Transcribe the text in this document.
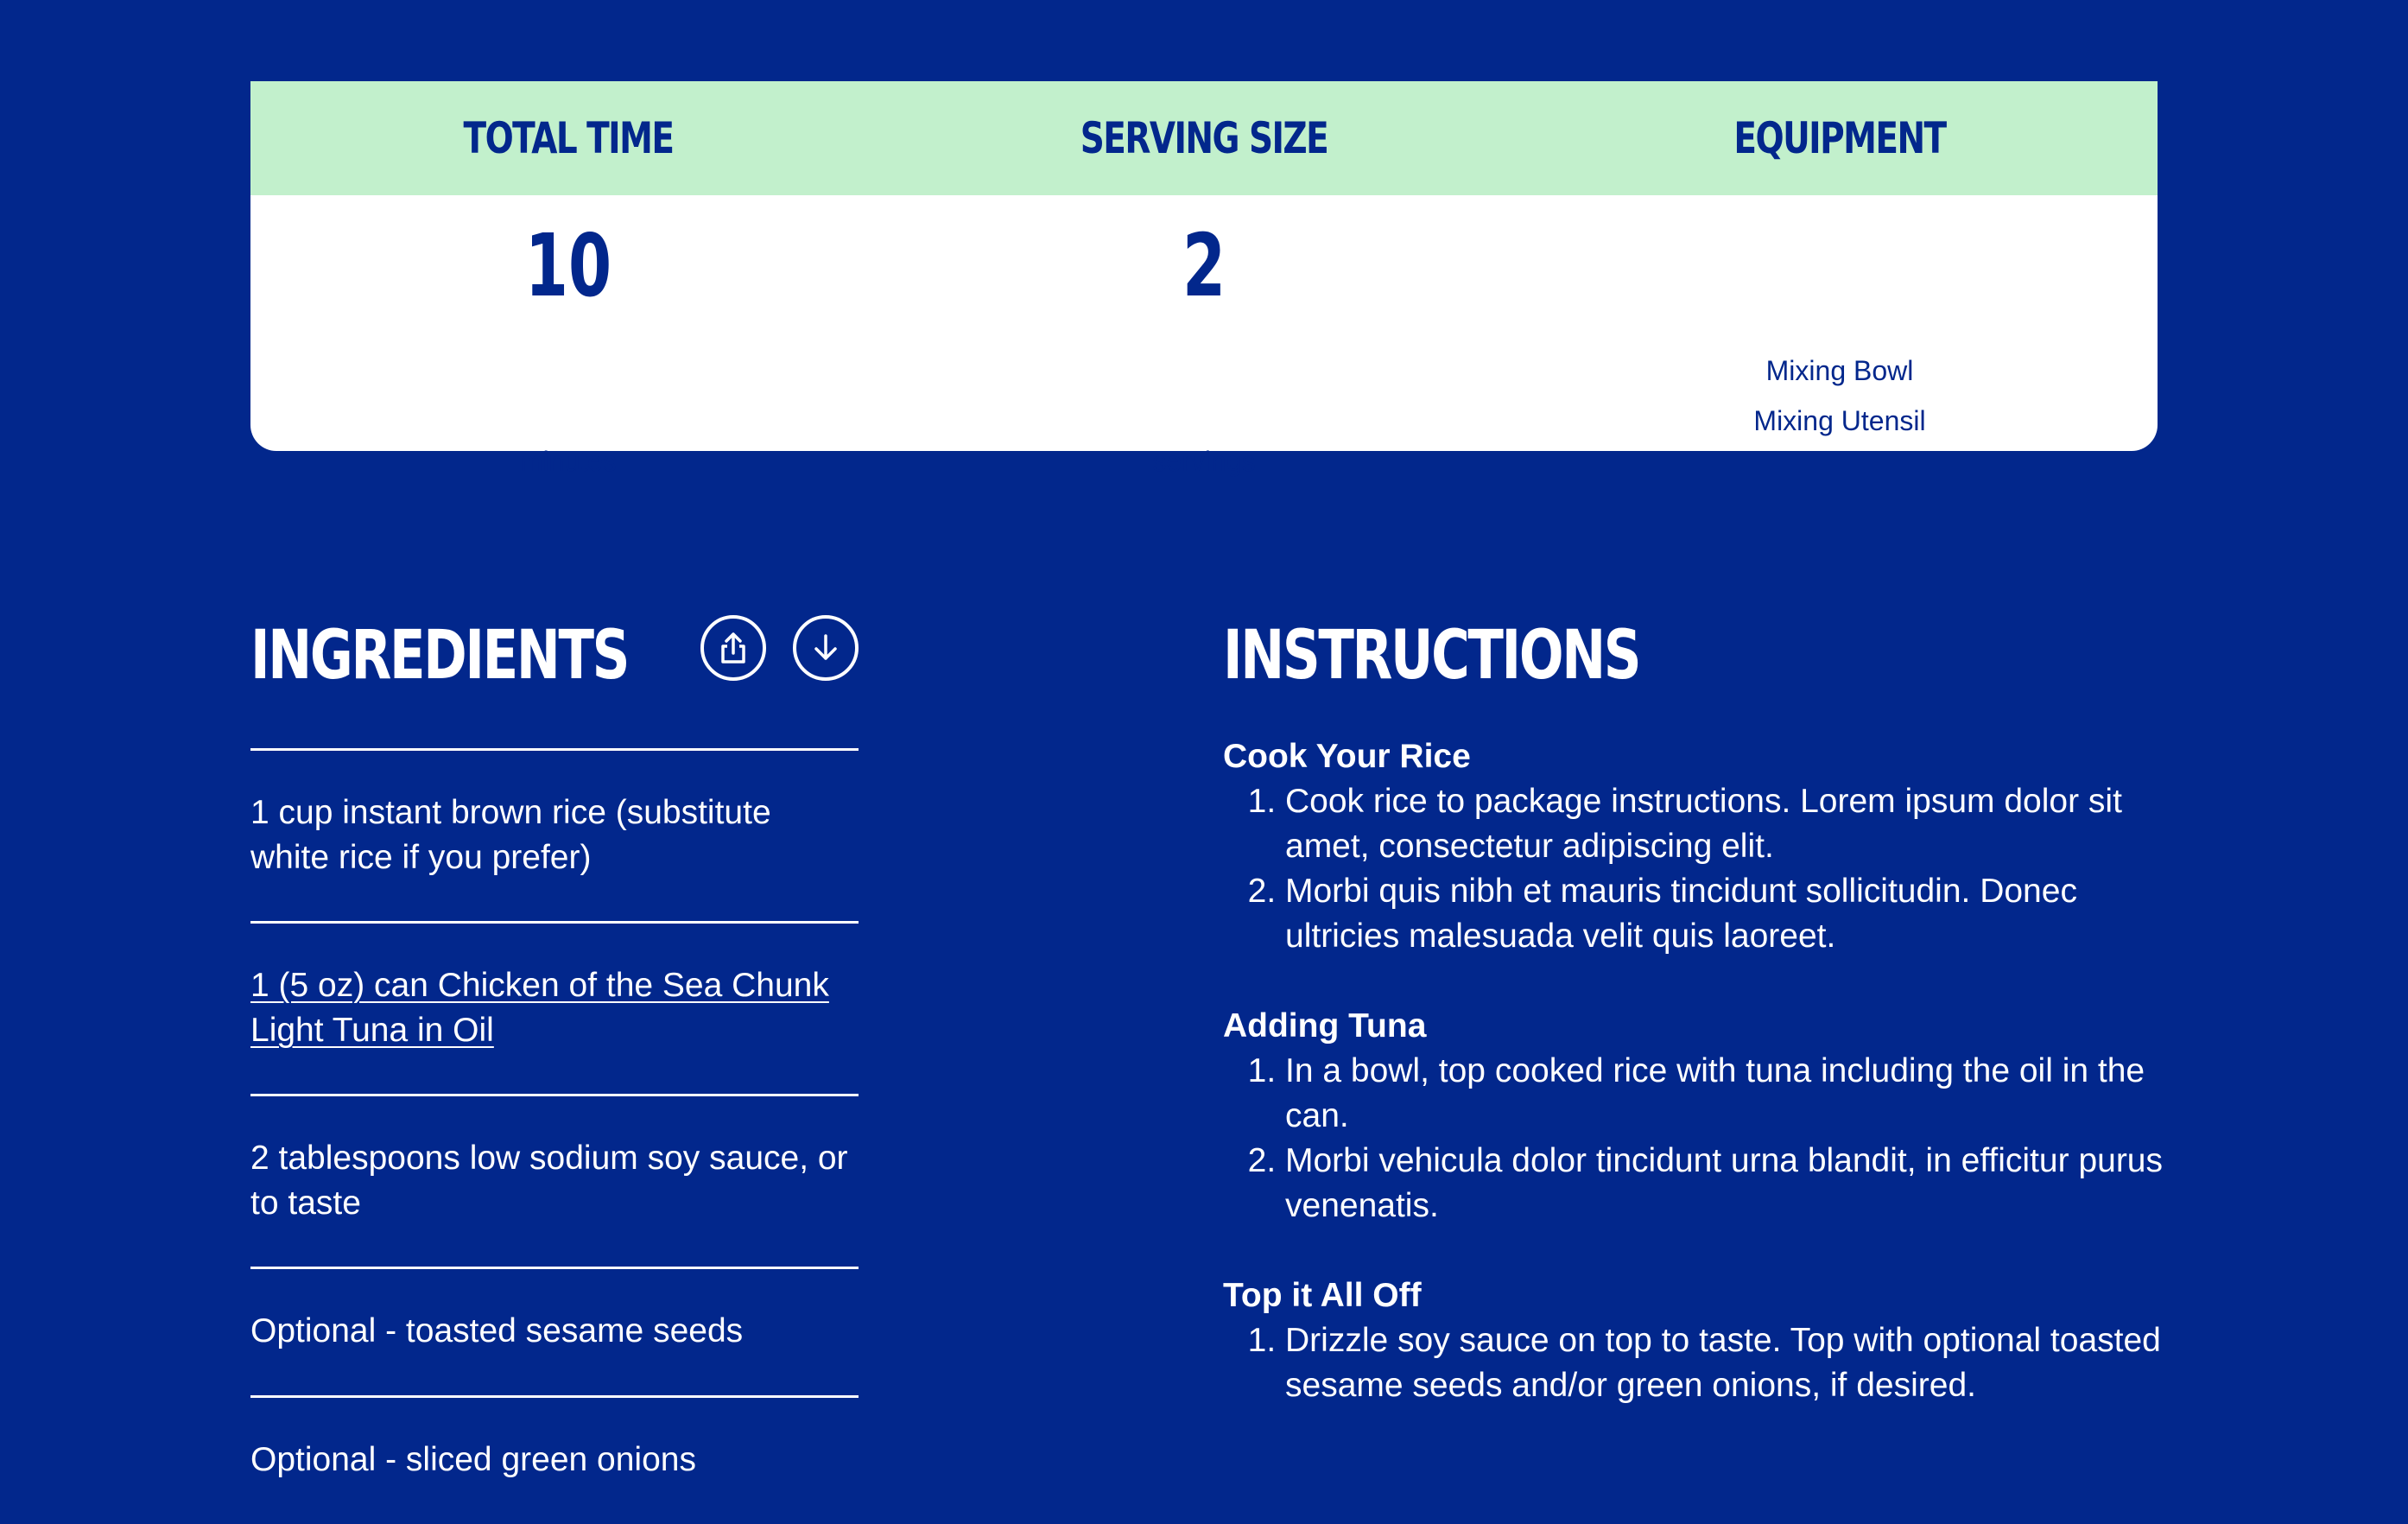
TOTAL TIME
10
minutes
SERVING SIZE
2
servings
EQUIPMENT
Mixing Bowl
Mixing Utensil
INGREDIENTS
1 cup instant brown rice (substitute white rice if you prefer)
1 (5 oz) can Chicken of the Sea Chunk Light Tuna in Oil
2 tablespoons low sodium soy sauce, or to taste
Optional - toasted sesame seeds
Optional - sliced green onions
INSTRUCTIONS
Cook Your Rice
1. Cook rice to package instructions. Lorem ipsum dolor sit amet, consectetur adipiscing elit.
2. Morbi quis nibh et mauris tincidunt sollicitudin. Donec ultricies malesuada velit quis laoreet.
Adding Tuna
1. In a bowl, top cooked rice with tuna including the oil in the can.
2. Morbi vehicula dolor tincidunt urna blandit, in efficitur purus venenatis.
Top it All Off
1. Drizzle soy sauce on top to taste. Top with optional toasted sesame seeds and/or green onions, if desired.
